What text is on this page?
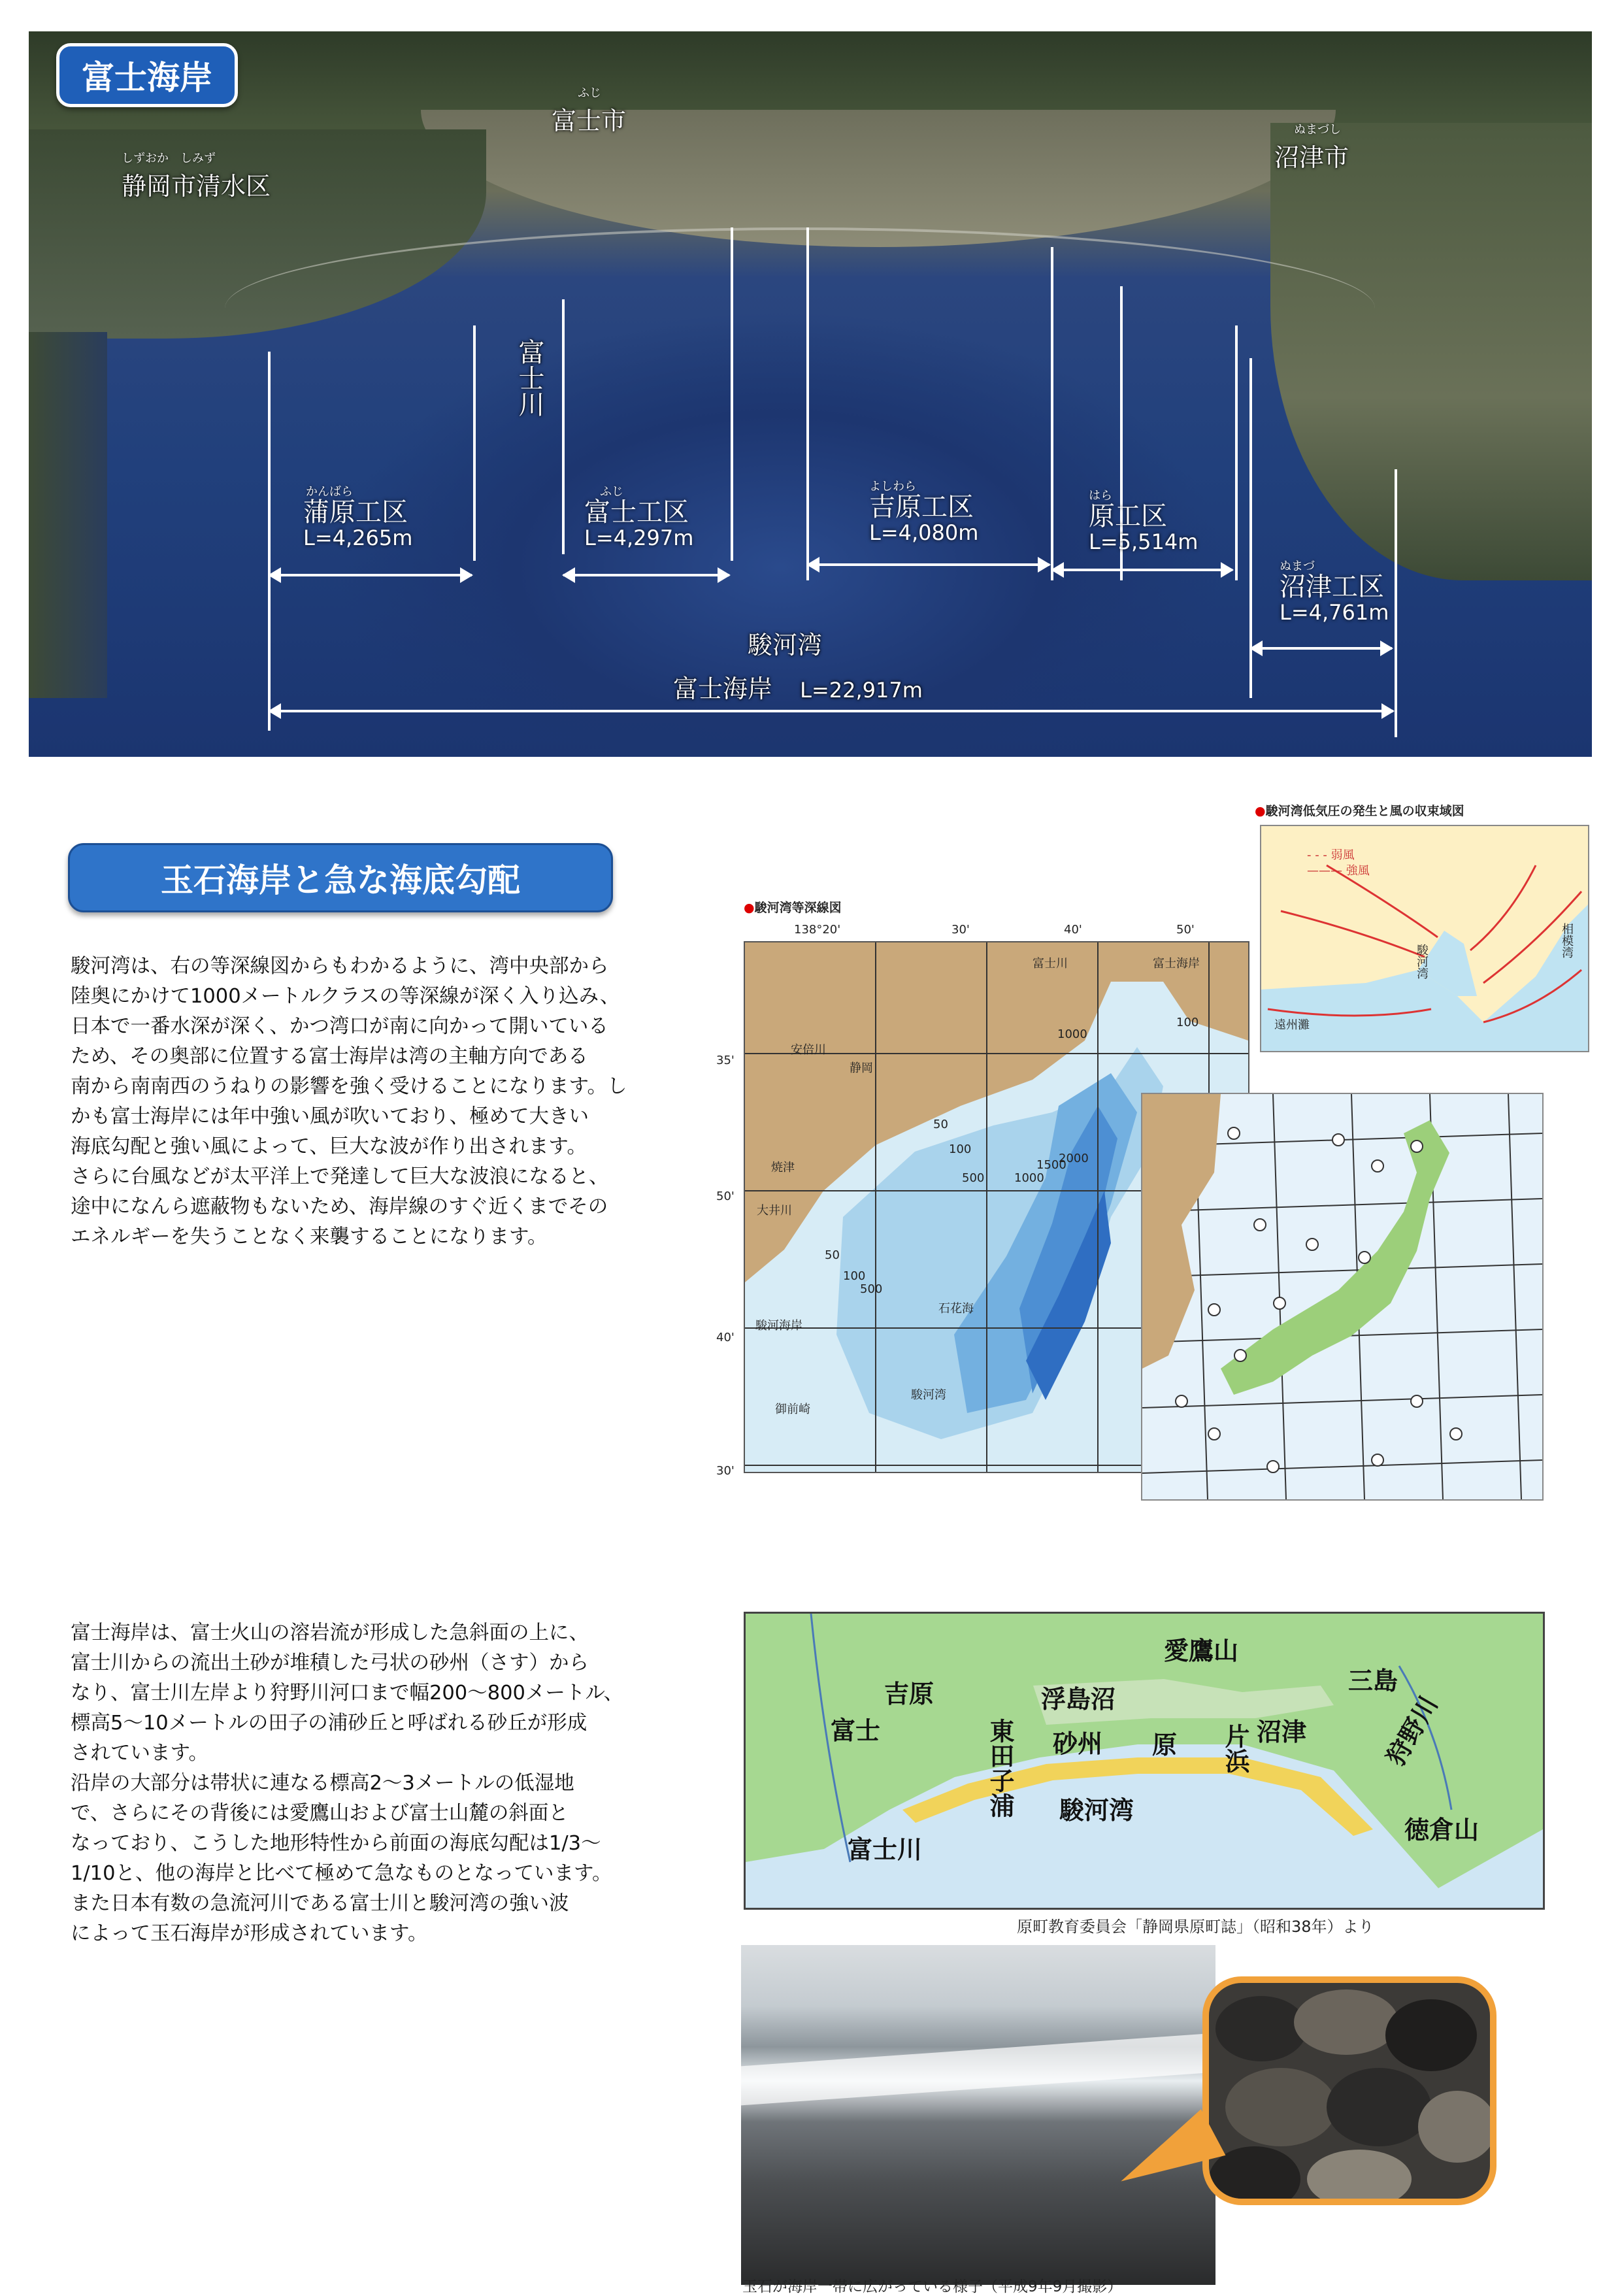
富士海岸
しずおか　しみず
静岡市清水区
ふじ
富士市	ぬまづし
沼津市
富士川
かんばら
蒲原工区
L=4,265m
ふじ
富士工区
L=4,297m
よしわら
吉原工区
L=4,080m
はら
原工区
L=5,514m
ぬまづ
沼津工区
L=4,761m
駿河湾
富士海岸 L=22,917m
玉石海岸と急な海底勾配

駿河湾は、右の等深線図からもわかるように、湾中央部から

陸奥にかけて1000メートルクラスの等深線が深く入り込み、

日本で一番水深が深く、かつ湾口が南に向かって開いている

ため、その奥部に位置する富士海岸は湾の主軸方向である

南から南南西のうねりの影響を強く受けることになります。し

かも富士海岸には年中強い風が吹いており、極めて大きい

海底勾配と強い風によって、巨大な波が作り出されます。

さらに台風などが太平洋上で発達して巨大な波浪になると、

途中になんら遮蔽物もないため、海岸線のすぐ近くまでその

エネルギーを失うことなく来襲することになります。

●駿河湾等深線図
138°20'	30'	40'	50'
35'
50'
40'
30'
1000
100
50
100
500	1000
1500
2000
50
100
500
富士川	富士海岸
安倍川
静岡
焼津
大井川
駿河海岸
石花海
駿河湾
御前崎
●駿河湾低気圧の発生と風の収束域図
- - - 弱風
——— 強風
駿河湾
相模湾
遠州灘

富士海岸は、富士火山の溶岩流が形成した急斜面の上に、

富士川からの流出土砂が堆積した弓状の砂州（さす）から

なり、富士川左岸より狩野川河口まで幅200〜800メートル、

標高5〜10メートルの田子の浦砂丘と呼ばれる砂丘が形成

されています。

沿岸の大部分は帯状に連なる標高2〜3メートルの低湿地

で、さらにその背後には愛鷹山および富士山麓の斜面と

なっており、こうした地形特性から前面の海底勾配は1/3〜

1/10と、他の海岸と比べて極めて急なものとなっています。

また日本有数の急流河川である富士川と駿河湾の強い波

によって玉石海岸が形成されています。

愛鷹山
三島
吉原	浮島沼
富士	沼津	狩野川
砂州 原 片浜
徳倉山
東田子浦 駿河湾
富士川
原町教育委員会「静岡県原町誌」（昭和38年）より
玉石が海岸一帯に広がっている様子（平成9年9月撮影）
